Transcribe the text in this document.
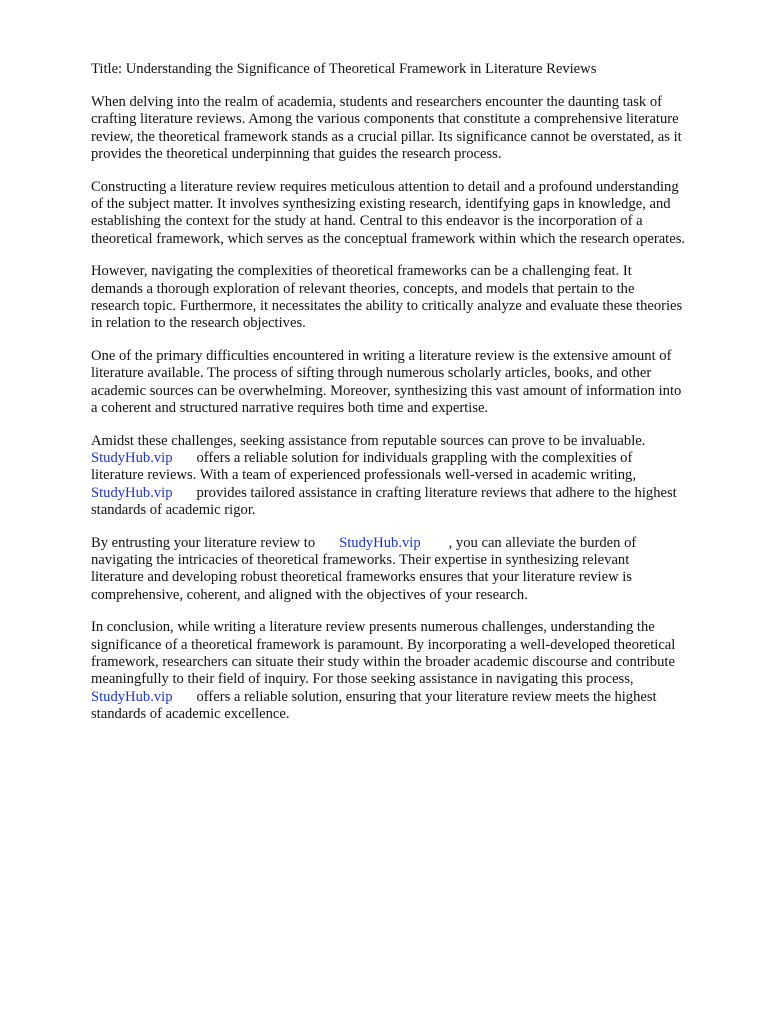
Title: Understanding the Significance of Theoretical Framework in Literature Reviews
When delving into the realm of academia, students and researchers encounter the daunting task of
crafting literature reviews. Among the various components that constitute a comprehensive literature
review, the theoretical framework stands as a crucial pillar. Its significance cannot be overstated, as it
provides the theoretical underpinning that guides the research process.
Constructing a literature review requires meticulous attention to detail and a profound understanding
of the subject matter. It involves synthesizing existing research, identifying gaps in knowledge, and
establishing the context for the study at hand. Central to this endeavor is the incorporation of a
theoretical framework, which serves as the conceptual framework within which the research operates.
However, navigating the complexities of theoretical frameworks can be a challenging feat. It
demands a thorough exploration of relevant theories, concepts, and models that pertain to the
research topic. Furthermore, it necessitates the ability to critically analyze and evaluate these theories
in relation to the research objectives.
One of the primary difficulties encountered in writing a literature review is the extensive amount of
literature available. The process of sifting through numerous scholarly articles, books, and other
academic sources can be overwhelming. Moreover, synthesizing this vast amount of information into
a coherent and structured narrative requires both time and expertise.
Amidst these challenges, seeking assistance from reputable sources can prove to be invaluable.
StudyHub.vip offers a reliable solution for individuals grappling with the complexities of
literature reviews. With a team of experienced professionals well-versed in academic writing,
StudyHub.vip provides tailored assistance in crafting literature reviews that adhere to the highest
standards of academic rigor.
By entrusting your literature review to StudyHub.vip , you can alleviate the burden of
navigating the intricacies of theoretical frameworks. Their expertise in synthesizing relevant
literature and developing robust theoretical frameworks ensures that your literature review is
comprehensive, coherent, and aligned with the objectives of your research.
In conclusion, while writing a literature review presents numerous challenges, understanding the
significance of a theoretical framework is paramount. By incorporating a well-developed theoretical
framework, researchers can situate their study within the broader academic discourse and contribute
meaningfully to their field of inquiry. For those seeking assistance in navigating this process,
StudyHub.vip offers a reliable solution, ensuring that your literature review meets the highest
standards of academic excellence.
